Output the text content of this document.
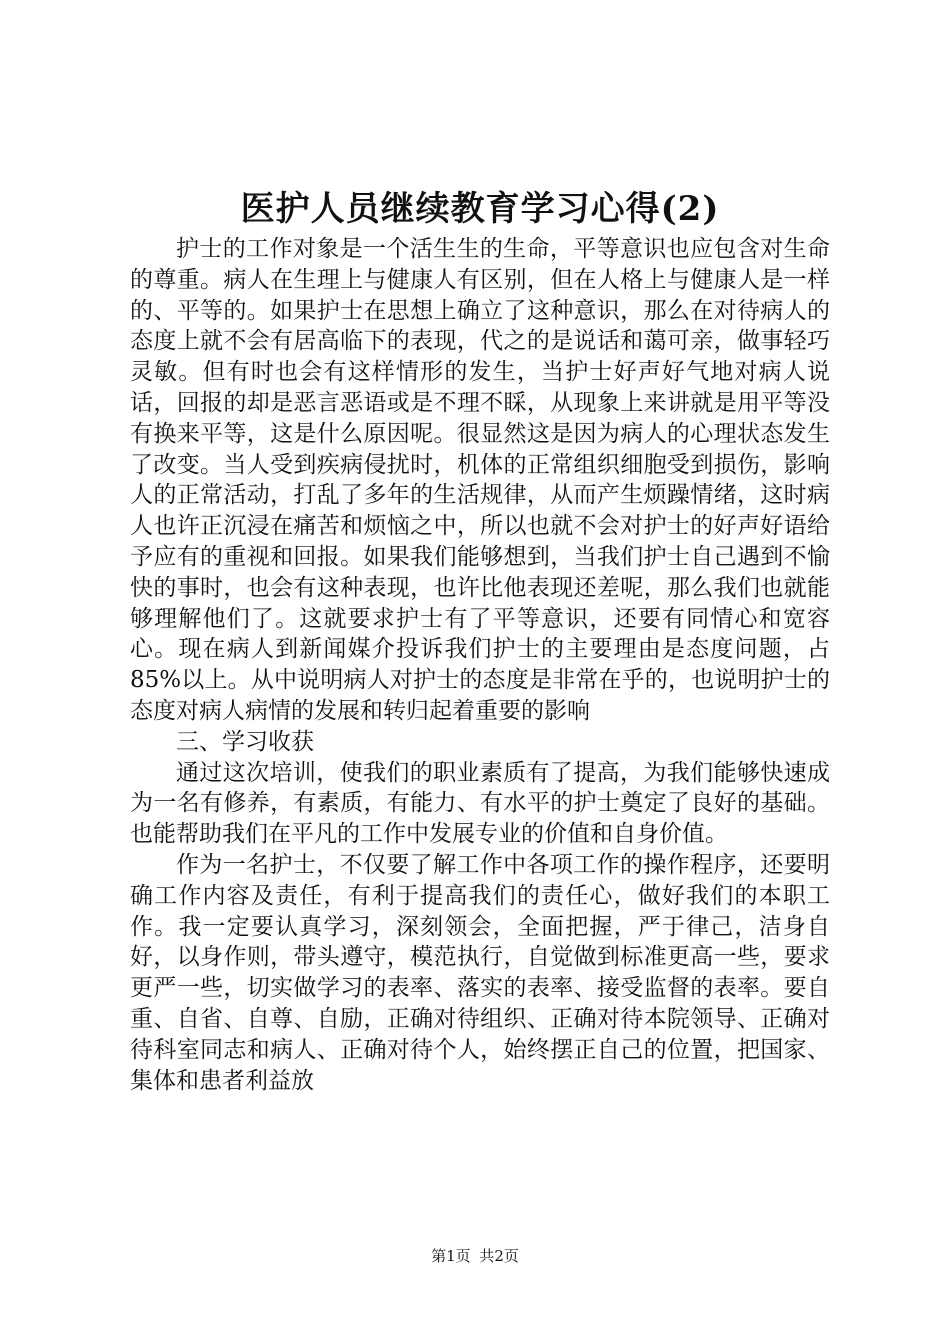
医护人员继续教育学习心得(2)

护士的工作对象是一个活生生的生命，平等意识也应包含对生命的尊重。病人在生理上与健康人有区别，但在人格上与健康人是一样的、平等的。如果护士在思想上确立了这种意识，那么在对待病人的态度上就不会有居高临下的表现，代之的是说话和蔼可亲，做事轻巧灵敏。但有时也会有这样情形的发生，当护士好声好气地对病人说话，回报的却是恶言恶语或是不理不睬，从现象上来讲就是用平等没有换来平等，这是什么原因呢。很显然这是因为病人的心理状态发生了改变。当人受到疾病侵扰时，机体的正常组织细胞受到损伤，影响人的正常活动，打乱了多年的生活规律，从而产生烦躁情绪，这时病人也许正沉浸在痛苦和烦恼之中，所以也就不会对护士的好声好语给予应有的重视和回报。如果我们能够想到，当我们护士自己遇到不愉快的事时，也会有这种表现，也许比他表现还差呢，那么我们也就能够理解他们了。这就要求护士有了平等意识，还要有同情心和宽容心。现在病人到新闻媒介投诉我们护士的主要理由是态度问题，占85%以上。从中说明病人对护士的态度是非常在乎的，也说明护士的态度对病人病情的发展和转归起着重要的影响

三、学习收获

通过这次培训，使我们的职业素质有了提高，为我们能够快速成为一名有修养，有素质，有能力、有水平的护士奠定了良好的基础。也能帮助我们在平凡的工作中发展专业的价值和自身价值。

作为一名护士，不仅要了解工作中各项工作的操作程序，还要明确工作内容及责任，有利于提高我们的责任心，做好我们的本职工作。我一定要认真学习，深刻领会，全面把握，严于律己，洁身自好，以身作则，带头遵守，模范执行，自觉做到标准更高一些，要求更严一些，切实做学习的表率、落实的表率、接受监督的表率。要自重、自省、自尊、自励，正确对待组织、正确对待本院领导、正确对待科室同志和病人、正确对待个人，始终摆正自己的位置，把国家、集体和患者利益放

第1页 共2页
